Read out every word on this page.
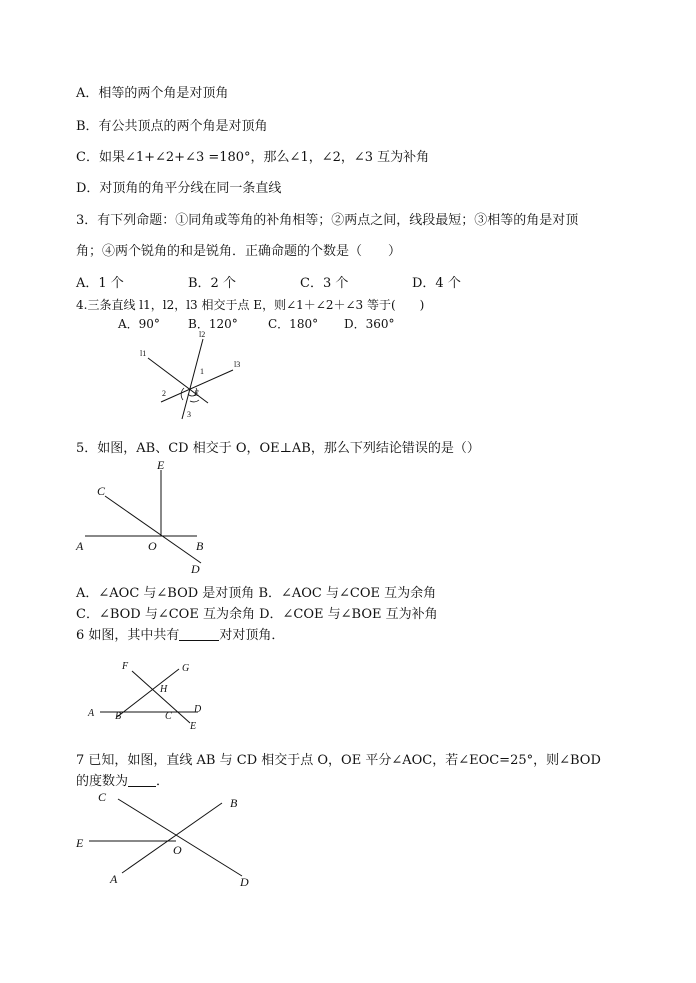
A．相等的两个角是对顶角
B．有公共顶点的两个角是对顶角
C．如果∠1+∠2+∠3 =180°，那么∠1，∠2，∠3 互为补角
D．对顶角的角平分线在同一条直线
3．有下列命题：①同角或等角的补角相等；②两点之间，线段最短；③相等的角是对顶
角；④两个锐角的和是锐角．正确命题的个数是（　　）
A．1 个	B．2 个	C．3 个	D．4 个
4.三条直线 l1，l2，l3 相交于点 E，则∠1＋∠2＋∠3 等于(　　)
A．90° B．120°	C．180° D．360°
l1
l2
l3
1
2
3
E
5．如图，AB、CD 相交于 O，OE⊥AB，那么下列结论错误的是（）
E
C
A	O	B
D
A．∠AOC 与∠BOD 是对顶角 B．∠AOC 与∠COE 互为余角
C．∠BOD 与∠COE 互为余角 D．∠COE 与∠BOE 互为补角
6 如图，其中共有	对对顶角．
F	G
H
A B	C
D
E
7 已知，如图，直线 AB 与 CD 相交于点 O，OE 平分∠AOC，若∠EOC=25°，则∠BOD
的度数为 ．
C	B
E	O
A	D
